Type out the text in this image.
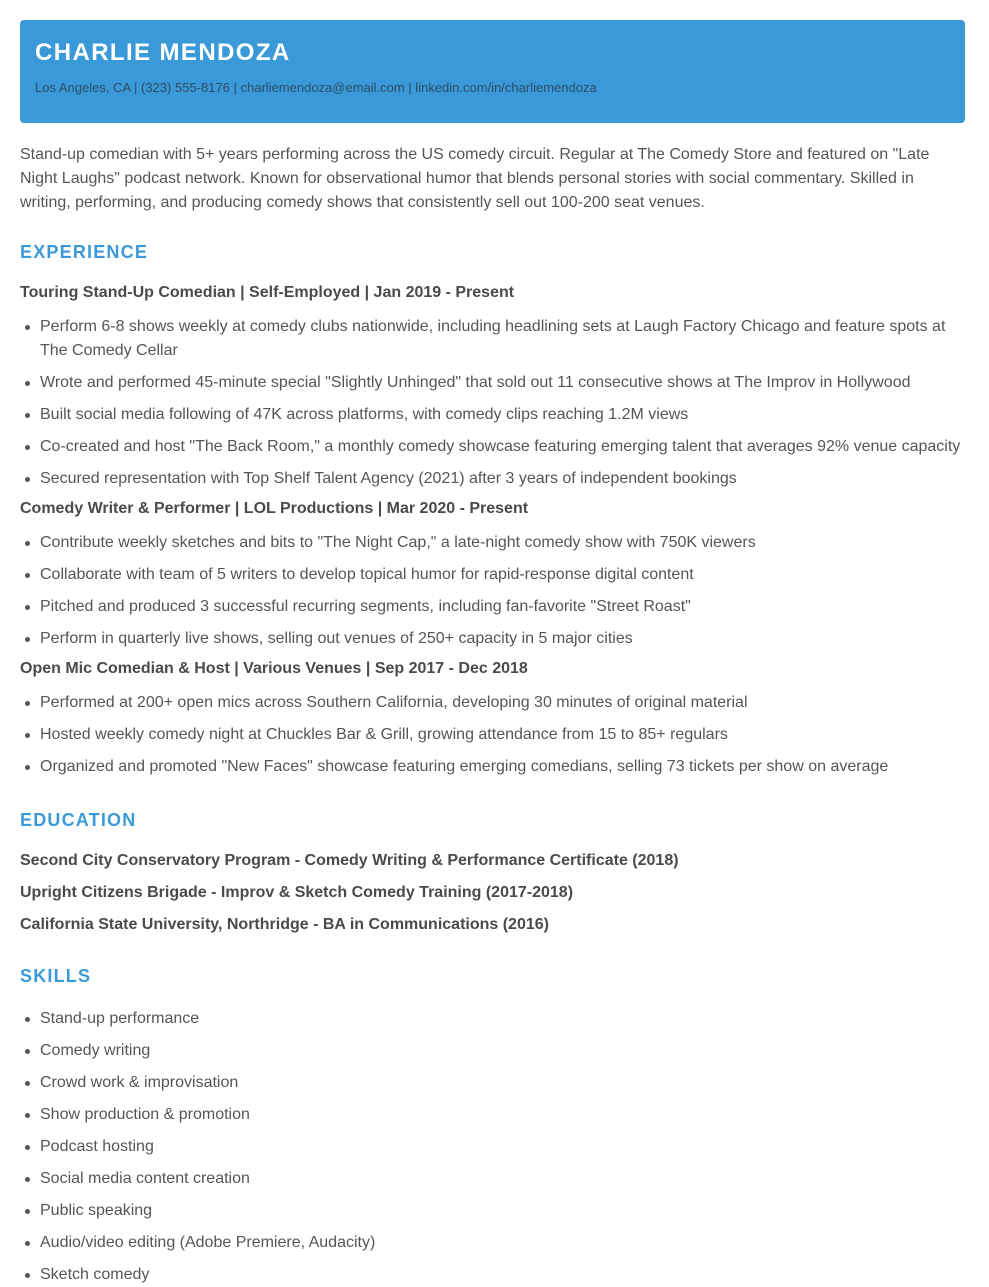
CHARLIE MENDOZA
Los Angeles, CA | (323) 555-8176 | charliemendoza@email.com | linkedin.com/in/charliemendoza

Stand-up comedian with 5+ years performing across the US comedy circuit. Regular at The Comedy Store and featured on "Late Night Laughs" podcast network. Known for observational humor that blends personal stories with social commentary. Skilled in writing, performing, and producing comedy shows that consistently sell out 100-200 seat venues.

EXPERIENCE
Touring Stand-Up Comedian | Self-Employed | Jan 2019 - Present
Perform 6-8 shows weekly at comedy clubs nationwide, including headlining sets at Laugh Factory Chicago and feature spots at The Comedy Cellar
Wrote and performed 45-minute special "Slightly Unhinged" that sold out 11 consecutive shows at The Improv in Hollywood
Built social media following of 47K across platforms, with comedy clips reaching 1.2M views
Co-created and host "The Back Room," a monthly comedy showcase featuring emerging talent that averages 92% venue capacity
Secured representation with Top Shelf Talent Agency (2021) after 3 years of independent bookings
Comedy Writer & Performer | LOL Productions | Mar 2020 - Present
Contribute weekly sketches and bits to "The Night Cap," a late-night comedy show with 750K viewers
Collaborate with team of 5 writers to develop topical humor for rapid-response digital content
Pitched and produced 3 successful recurring segments, including fan-favorite "Street Roast"
Perform in quarterly live shows, selling out venues of 250+ capacity in 5 major cities
Open Mic Comedian & Host | Various Venues | Sep 2017 - Dec 2018
Performed at 200+ open mics across Southern California, developing 30 minutes of original material
Hosted weekly comedy night at Chuckles Bar & Grill, growing attendance from 15 to 85+ regulars
Organized and promoted "New Faces" showcase featuring emerging comedians, selling 73 tickets per show on average
EDUCATION

Second City Conservatory Program - Comedy Writing & Performance Certificate (2018)

Upright Citizens Brigade - Improv & Sketch Comedy Training (2017-2018)

California State University, Northridge - BA in Communications (2016)

SKILLS
Stand-up performance
Comedy writing
Crowd work & improvisation
Show production & promotion
Podcast hosting
Social media content creation
Public speaking
Audio/video editing (Adobe Premiere, Audacity)
Sketch comedy
